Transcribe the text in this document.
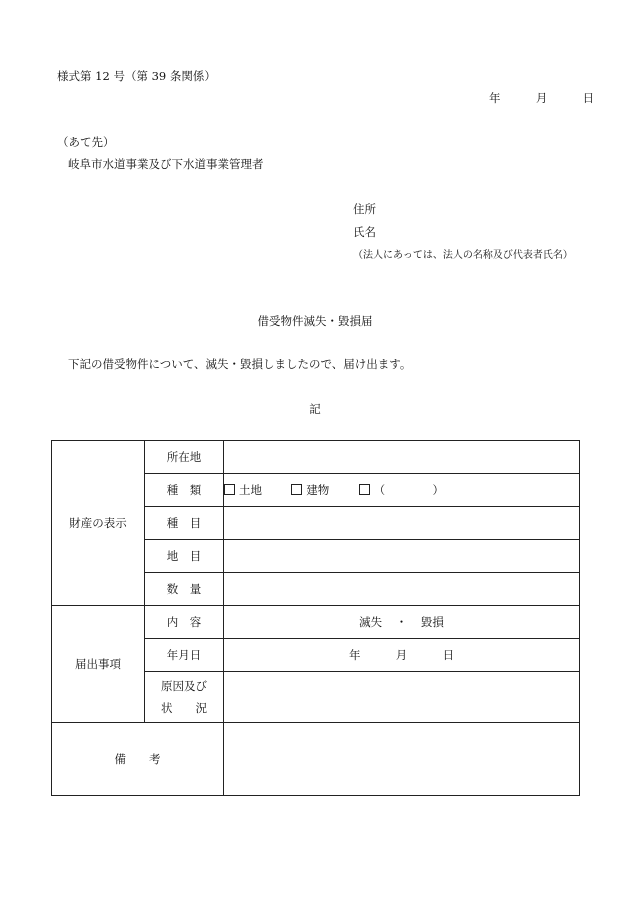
様式第 12 号（第 39 条関係）
年	月	日
（あて先）
岐阜市水道事業及び下水道事業管理者
住所
氏名
（法人にあっては、法人の名称及び代表者氏名）
借受物件滅失・毀損届
下記の借受物件について、滅失・毀損しましたので、届け出ます。
記
財産の表示	所在地	
	種　類	土地 建物 （ ）
	種　目	
	地　目	
	数　量	
届出事項	内　容	滅失 ・ 毀損
	年月日	年 月 日

	原因及び
状　　況	

備　　考		
